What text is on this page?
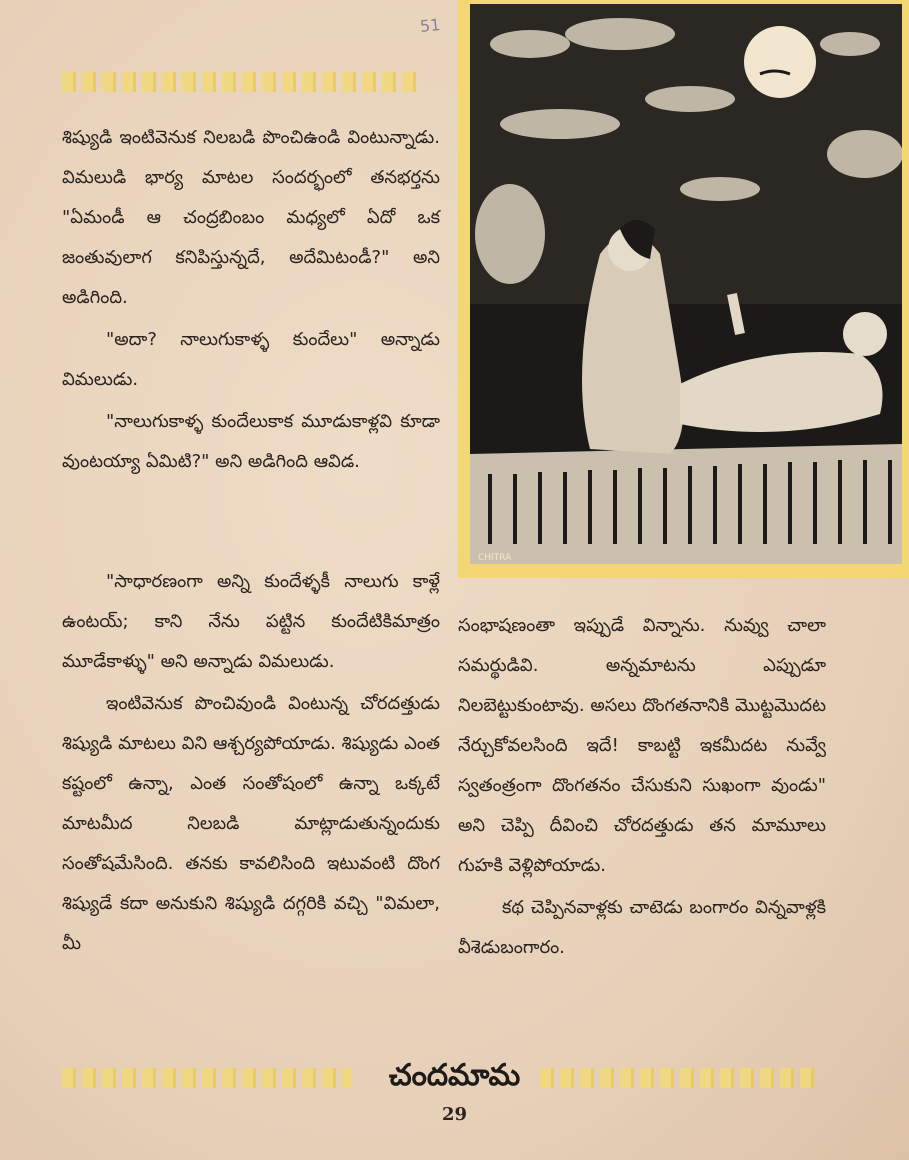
51

శిష్యుడి ఇంటివెనుక నిలబడి పొంచిఉండి వింటున్నాడు. విమలుడి భార్య మాటల సందర్భంలో తనభర్తను "ఏమండీ ఆ చంద్రబింబం మధ్యలో ఏదో ఒక జంతువులాగ కనిపిస్తున్నదే, అదేమిటండీ?" అని అడిగింది.

"అదా? నాలుగుకాళ్ళ కుందేలు" అన్నాడు విమలుడు.

"నాలుగుకాళ్ళ కుందేలుకాక మూడుకాళ్లవి కూడా వుంటయ్యా ఏమిటి?" అని అడిగింది ఆవిడ.

"సాధారణంగా అన్ని కుందేళ్ళకీ నాలుగు కాళ్లే ఉంటయ్; కాని నేను పట్టిన కుందేటికిమాత్రం మూడేకాళ్ళు" అని అన్నాడు విమలుడు.

ఇంటివెనుక పొంచివుండి వింటున్న చోరదత్తుడు శిష్యుడి మాటలు విని ఆశ్చర్యపోయాడు. శిష్యుడు ఎంత కష్టంలో ఉన్నా, ఎంత సంతోషంలో ఉన్నా ఒక్కటే మాటమీద నిలబడి మాట్లాడుతున్నందుకు సంతోషమేసింది. తనకు కావలిసింది ఇటువంటి దొంగ శిష్యుడే కదా అనుకుని శిష్యుడి దగ్గరికి వచ్చి "విమలా, మీ

CHITRA

సంభాషణంతా ఇప్పుడే విన్నాను. నువ్వు చాలా సమర్థుడివి. అన్నమాటను ఎప్పుడూ నిలబెట్టుకుంటావు. అసలు దొంగతనానికి మొట్టమొదట నేర్చుకోవలసింది ఇదే! కాబట్టి ఇకమీదట నువ్వే స్వతంత్రంగా దొంగతనం చేసుకుని సుఖంగా వుండు" అని చెప్పి దీవించి చోరదత్తుడు తన మామూలు గుహకి వెళ్లిపోయాడు.

కథ చెప్పినవాళ్లకు చాటెడు బంగారం విన్నవాళ్లకి వీశెడుబంగారం.

చందమామ
29
